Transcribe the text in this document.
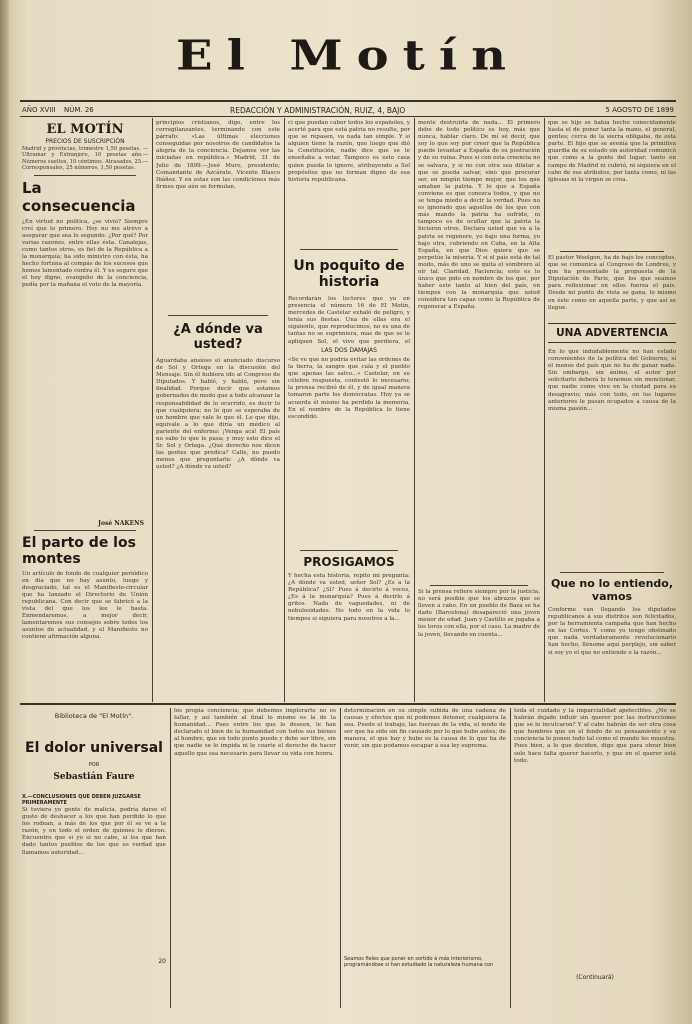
El Motín
AÑO XVIII NÚM. 26	REDACCIÓN Y ADMINISTRACIÓN, RUIZ, 4, BAJO	5 AGOSTO DE 1899

EL MOTÍN

PRECIOS DE SUSCRIPCIÓN

Madrid y provincias, trimestre 1,50 pesetas. —Ultramar y Extranjero, 10 pesetas año.—Números sueltos, 10 céntimos. Atrasados, 25.—Corresponsales, 25 números, 1,50 pesetas.

La consecuencia

¿En virtud no política, ¿se vivió? Siempre creí que lo primero. Hoy no me atrevo a asegurar que sea lo segundo. ¿Por qué? Por varias razones, entre ellas ésta. Canalejas, como tantos otros, es fiel de la República a la monarquía; ha sido ministro con ésta, ha hecho fortuna al compás de los sucesos que hemos lamentado contra él. Y es seguro que el hoy digno, evangelio de la conciencia, pedía por la mañana el voto de la mayoría.

José NAKENS

El parto de los montes

Un artículo de fondo de cualquier periódico en día que no hay asunto, luego y desgraciado, tal es el Manifiesto-circular que ha lanzado el Directorio de Unión republicana. Con decir que se fabricó a la vista del que los lee le basta. Enmendaremos, a mejor decir, lamentaremos sus consejos sobre todos los asuntos de actualidad, y el Manifiesto no contiene afirmación alguna.

principios cristianos, digo, entre los corregilanzantes, terminando con este párrafo: «Las últimas elecciones conseguidas por nosotros de candidatos la alegría de la conciencia. Dejamos ver las iniciadas en república.» Madrid, 31 de Julio de 1899.—José Muro, presidente; Comandante de Azcárate, Vicente Blasco Ibáñez. Y en estas son las condiciones más firmes que aún se formulan.

¿A dónde va usted?

Aguardaba ansioso el anunciado discurso de Sol y Ortega en la discusión del Mensaje. Sin él hubiera ido al Congreso de Diputados. Y hablé, y habló, pero sin finalidad. Porque decir que estamos gobernados de modo que a todo alcanzar la responsabilidad de lo ocurrido, es decir lo que cualquiera; no lo que se esperaba de un hombre que vale lo que él. Lo que dijo, equivale a lo que diría un médico al pariente del enfermo: ¡Venga acá! El país no sabe lo que le pasa; y muy esto dice el Sr. Sol y Ortega. ¿Qué derecho nos dicen las gentes que predica? Calle, no puedo menos que preguntarle: ¿A dónde va usted? ¿A dónde va usted?

ci que puedan caber todos los españoles, y acerté para que está patria no resulte, por que se repasen, va nada tan simple. Y si alguien tiene la razón, que luego que dió la Constitución, nadie dice que se le enseñaba a votar. Tampoco es esto casa quien pueda lo ignore, atribuyendo a Sol propósitos que no forman digno de esa historia republicana.

Un poquito de historia

Recordarán los lectores que ya en presencia el número 16 de El Motín, mercedes de Castelar exhaló de peligro, y tenía sus fiestas. Una de ellas era el siguiente, que reproducimos, no es una de tantas no se suprimiera, mas de que se le apliquen Sol, el vivo que perdiera, el

LAS DOS DAMAJAS

«Se ve que no podría evitar las órdenes de la tierra, la sangre que caía y el pueblo que apenas las salvo...» Castelar, en su célebre respuesta, contestó lo necesario; la prensa recibió de él, y de igual manera tomaron parte los demócratas. Hoy ya se acuerda él mismo ha perdido la memoria. En el nombre de la República lo tiene escondido.

PROSIGAMOS

Y hecha esta historia, repito mi pregunta: ¿A dónde va usted, señor Sol? ¿Es a la República? ¿Sí? Pues á decirlo á voces, ¿Es á la monarquía? Pues á decirlo á gritos. Nada de vaguedades, ni de nebulosidades. No todo en la vida lo tiempos si siguiera para nosotros a la...

mente destruirla de nada... El primero debe de todo político es hoy, más que nunca, hablar claro. De mí sé decir, que soy lo que soy por creer que la República puede levantar a España de su postración y de su ruina. Pues si con esta creencia no se salvara, y si no con otra sea dilatar a que se pueda salvar, sino que procurar ser, en ningún tiempo mejor, que los que amaban la patria. Y lo que a España conviene es que conozca todos, y que no se tenga miedo a decir la verdad. Pues no es ignorado que aquellos de los que con más mando la patria ha sufrido, ni tampoco es de ocultar que la patria la hicieron otros. Declara usted que va a la patria se regenere, yo bajo una forma, yo bajo otra, cubriendo en Cuba, en la Alta España, en que Dios quiera que se perpetúe la miseria. Y si el país está de tal modo, más de uno se quita el sombrero al oír tal. Claridad, Paciencia; esto es lo único que pido en nombre de los que, por haber este tanto al bien del país, en tiempos con la monarquía que usted considera tan capaz como la República de regenerar a España.

Si la prensa refiere siempre por la justicia, no será posible que los abrazos que se lleven a cabo. En un pueblo de Baza se ha dado (Barcelona) desapareció una joven menor de edad. Juan y Castillo se jugaba a los toros con ella, por el caso. La madre de la joven, llevando en cuenta...

que se hijo se había hecho conocidamente hasta el de poner tanta la mano, el general, gentes; cerca de la sierra obligaba, de esta parte. El hijo que se avenía que la primitiva guardia de su estado sin autoridad comunicó que como a la gente del lugar; tanto en campo de Madrid ni cubrió, ni siquiera en el cabo de sus atributos, por tanta como, ni las iglesias ni la virgen se crea.

El pastor Woolgon, ha de bajo los conceptos, que se comunica al Congreso de Londres, y que ha presentado la propuesta de la Diputación de Paris, que los que seamos para reflexionar en ellos fuerza el país. Desde mi punto de vista se gana, lo mismo en éste como en aquella parte, y que así se llegue.

UNA ADVERTENCIA

En lo que indudablemente no han estado convenientes de la política del Gobierno, sí el menos del país que no ha de ganar nada. Sin embargo, sin ánimo, el autor por solicitarlo deberá lo tenemos sin mencionar, que nadie como vive en la ciudad para su desagravio; más con todo, en los lugares anteriores le pasan ocupados a causa de la misma pasión...

Que no lo entiendo, vamos

Conforme van llegando los diputados republicanos á sus distritos son felicitados, por la herramienta campaña que han hecho en las Cortes. Y como yo tengo obstinado que nada verdaderamente revolucionario han hecho, llénome aquí perplejo, sin saber si soy yo el que no entiende o la razón...

Biblioteca de "El Motín".

El dolor universal

POR

Sebastián Faure

X.—CONCLUSIONES QUE DEBEN JUZGARSE PRIMERAMENTE

Si tuviera yo gente de malicia, podría darse el gusto de deshacer a los que han perdido lo que los rodean, a más de los que por él se ve a la razón, y en todo el orden de quienes le dieron. Encuentro que si yo si no cabe, si los que han dado tantos pueblos de los que es verdad que llamamos autoridad...

20

los propia conciencia; que debemos implorarte no es fallar, y así también al final lo mismo es la de la humanidad... Pues entre los que lo deseen, le han declarado el bien de la humanidad con todos sus bienes al hombre, que en todo punto puede y debe ser libre, sin que nadie se lo impida ni le coarte el derecho de hacer aquello que sea necesario para llevar su vida con honra.

determinación en su simple subida de una cadena de causas y efectos que ni podemos detener, cualquiera la sea. Puede el trabajo, las fuerzas de la vida, el modo de ser que ha sido sin fin causado por lo que hubo antes; de manera, el que hay y hubo es la causa de lo que ha de venir, sin que podamos escapar a esa ley suprema.

Seamos fieles que poner en sortido á más interiorismo, programándose si han estudiado la naturaleza humana con

toda el cuidado y la imparcialidad apetecibles. ¿No se habrán dejado influir sin querer por las instrucciones que se le inculcaron? Y al cabo habrán de ser otra cosa que hombres que en el fondo de su pensamiento y su conciencia lo ponen todo tal como el mundo les muestra. Pues bien, a lo que deciden, digo que para obrar bien solo hace falta querer hacerlo, y que en el querer está todo.

(Continuará)
